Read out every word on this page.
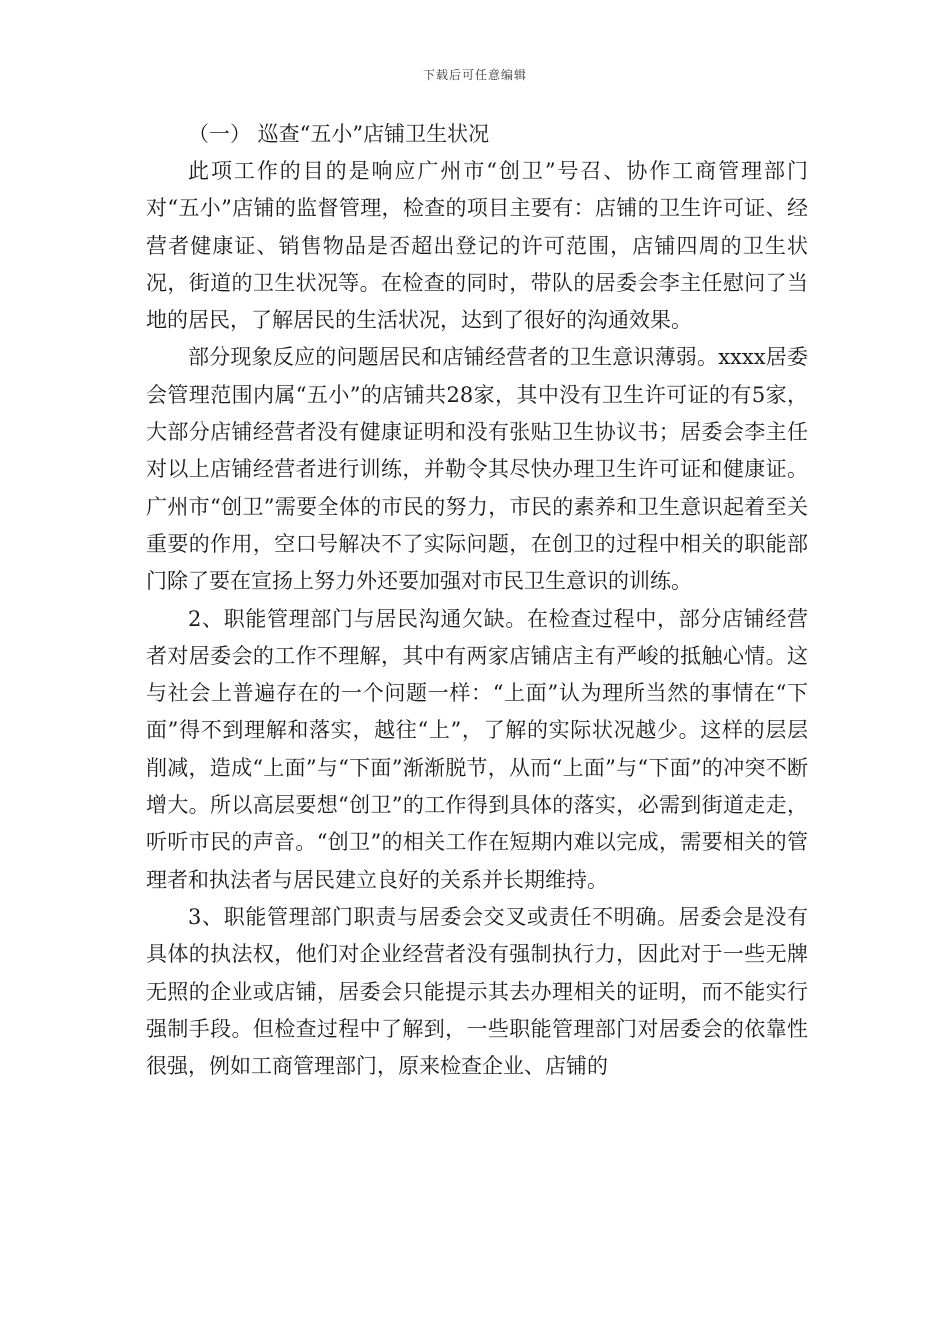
下载后可任意编辑

（一） 巡查“五小”店铺卫生状况

此项工作的目的是响应广州市“创卫”号召、协作工商管理部门对“五小”店铺的监督管理，检查的项目主要有：店铺的卫生许可证、经营者健康证、销售物品是否超出登记的许可范围，店铺四周的卫生状况，街道的卫生状况等。在检查的同时，带队的居委会李主任慰问了当地的居民，了解居民的生活状况，达到了很好的沟通效果。

部分现象反应的问题居民和店铺经营者的卫生意识薄弱。xxxx居委会管理范围内属“五小”的店铺共28家，其中没有卫生许可证的有5家，大部分店铺经营者没有健康证明和没有张贴卫生协议书；居委会李主任对以上店铺经营者进行训练，并勒令其尽快办理卫生许可证和健康证。广州市“创卫”需要全体的市民的努力，市民的素养和卫生意识起着至关重要的作用，空口号解决不了实际问题，在创卫的过程中相关的职能部门除了要在宣扬上努力外还要加强对市民卫生意识的训练。

2、职能管理部门与居民沟通欠缺。在检查过程中，部分店铺经营者对居委会的工作不理解，其中有两家店铺店主有严峻的抵触心情。这与社会上普遍存在的一个问题一样：“上面”认为理所当然的事情在“下面”得不到理解和落实，越往“上”，了解的实际状况越少。这样的层层削减，造成“上面”与“下面”渐渐脱节，从而“上面”与“下面”的冲突不断增大。所以高层要想“创卫”的工作得到具体的落实，必需到街道走走，听听市民的声音。“创卫”的相关工作在短期内难以完成，需要相关的管理者和执法者与居民建立良好的关系并长期维持。

3、职能管理部门职责与居委会交叉或责任不明确。居委会是没有具体的执法权，他们对企业经营者没有强制执行力，因此对于一些无牌无照的企业或店铺，居委会只能提示其去办理相关的证明，而不能实行强制手段。但检查过程中了解到，一些职能管理部门对居委会的依靠性很强，例如工商管理部门，原来检查企业、店铺的
